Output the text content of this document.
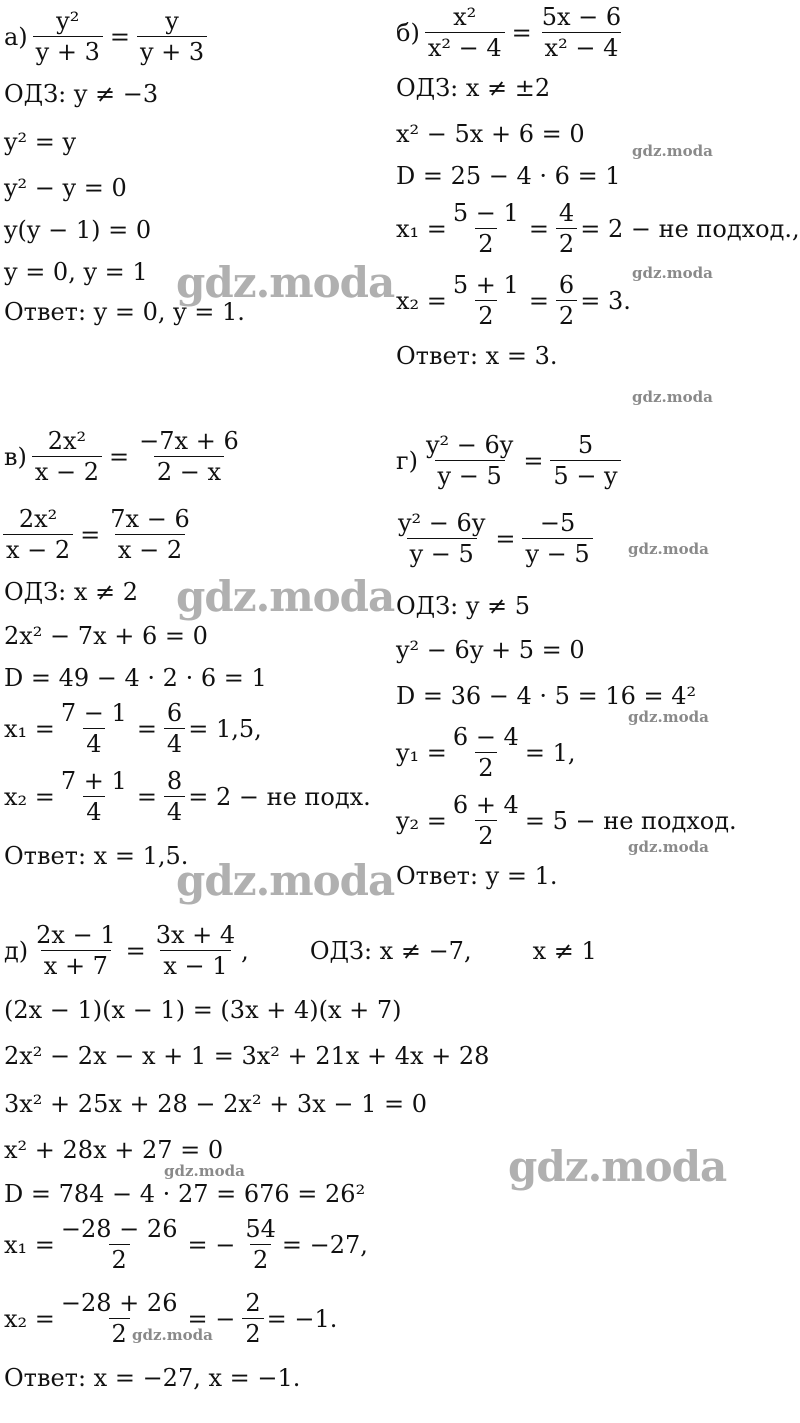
$а) \frac{\text{y²}}{y + 3} = \frac{y}{y + 3}$
ОДЗ: y ≠ −3
y² = y
y² − y = 0
y(y − 1) = 0
y = 0, y = 1
Ответ: y = 0, y = 1.
$б) \frac{\text{x²}}{\text{x² − 4}} = \frac{5x - 6}{\text{x² − 4}}$
ОДЗ: x ≠ ±2
x² − 5x + 6 = 0
D = 25 − 4 · 6 = 1
$x_1 = \frac{5 - 1}{2} = \frac{4}{2} = 2$ − не подход.,
$x_2 = \frac{5 + 1}{2} = \frac{6}{2} = 3$.
Ответ: x = 3.
$в) \frac{\text{2x²}}{x - 2} = \frac{-7x + 6}{2 - x}$
$\frac{\text{2x²}}{x - 2} = \frac{7x - 6}{x - 2}$
ОДЗ: x ≠ 2
2x² − 7x + 6 = 0
D = 49 − 4 · 2 · 6 = 1
$x_1 = \frac{7 - 1}{4} = \frac{6}{4} = 1,5$,
$x_2 = \frac{7 + 1}{4} = \frac{8}{4} = 2$ − не подх.
Ответ: x = 1,5.
$г) \frac{\text{y² − 6y}}{y - 5} = \frac{5}{5 - y}$
$\frac{\text{y² − 6y}}{y - 5} = \frac{-5}{y - 5}$
ОДЗ: y ≠ 5
y² − 6y + 5 = 0
D = 36 − 4 · 5 = 16 = 4²
$y_1 = \frac{6 - 4}{2} = 1$,
$y_2 = \frac{6 + 4}{2} = 5$ − не подход.
Ответ: y = 1.
$д) \frac{2x - 1}{x + 7} = \frac{3x + 4}{x - 1}$ ,        ОДЗ: x ≠ −7,        x ≠ 1
(2x − 1)(x − 1) = (3x + 4)(x + 7)
2x² − 2x − x + 1 = 3x² + 21x + 4x + 28
3x² + 25x + 28 − 2x² + 3x − 1 = 0
x² + 28x + 27 = 0
D = 784 − 4 · 27 = 676 = 26²
$x_1 = \frac{-28 - 26}{2}$ = − $\frac{54}{2} = -27$,
$x_2 = \frac{-28 + 26}{2}$ = − $\frac{2}{2} = -1$.
Ответ: x = −27, x = −1.
gdz.moda
gdz.moda
gdz.moda
gdz.moda
gdz.moda
gdz.moda
gdz.moda
gdz.moda
gdz.moda
gdz.moda
gdz.moda
gdz.moda
